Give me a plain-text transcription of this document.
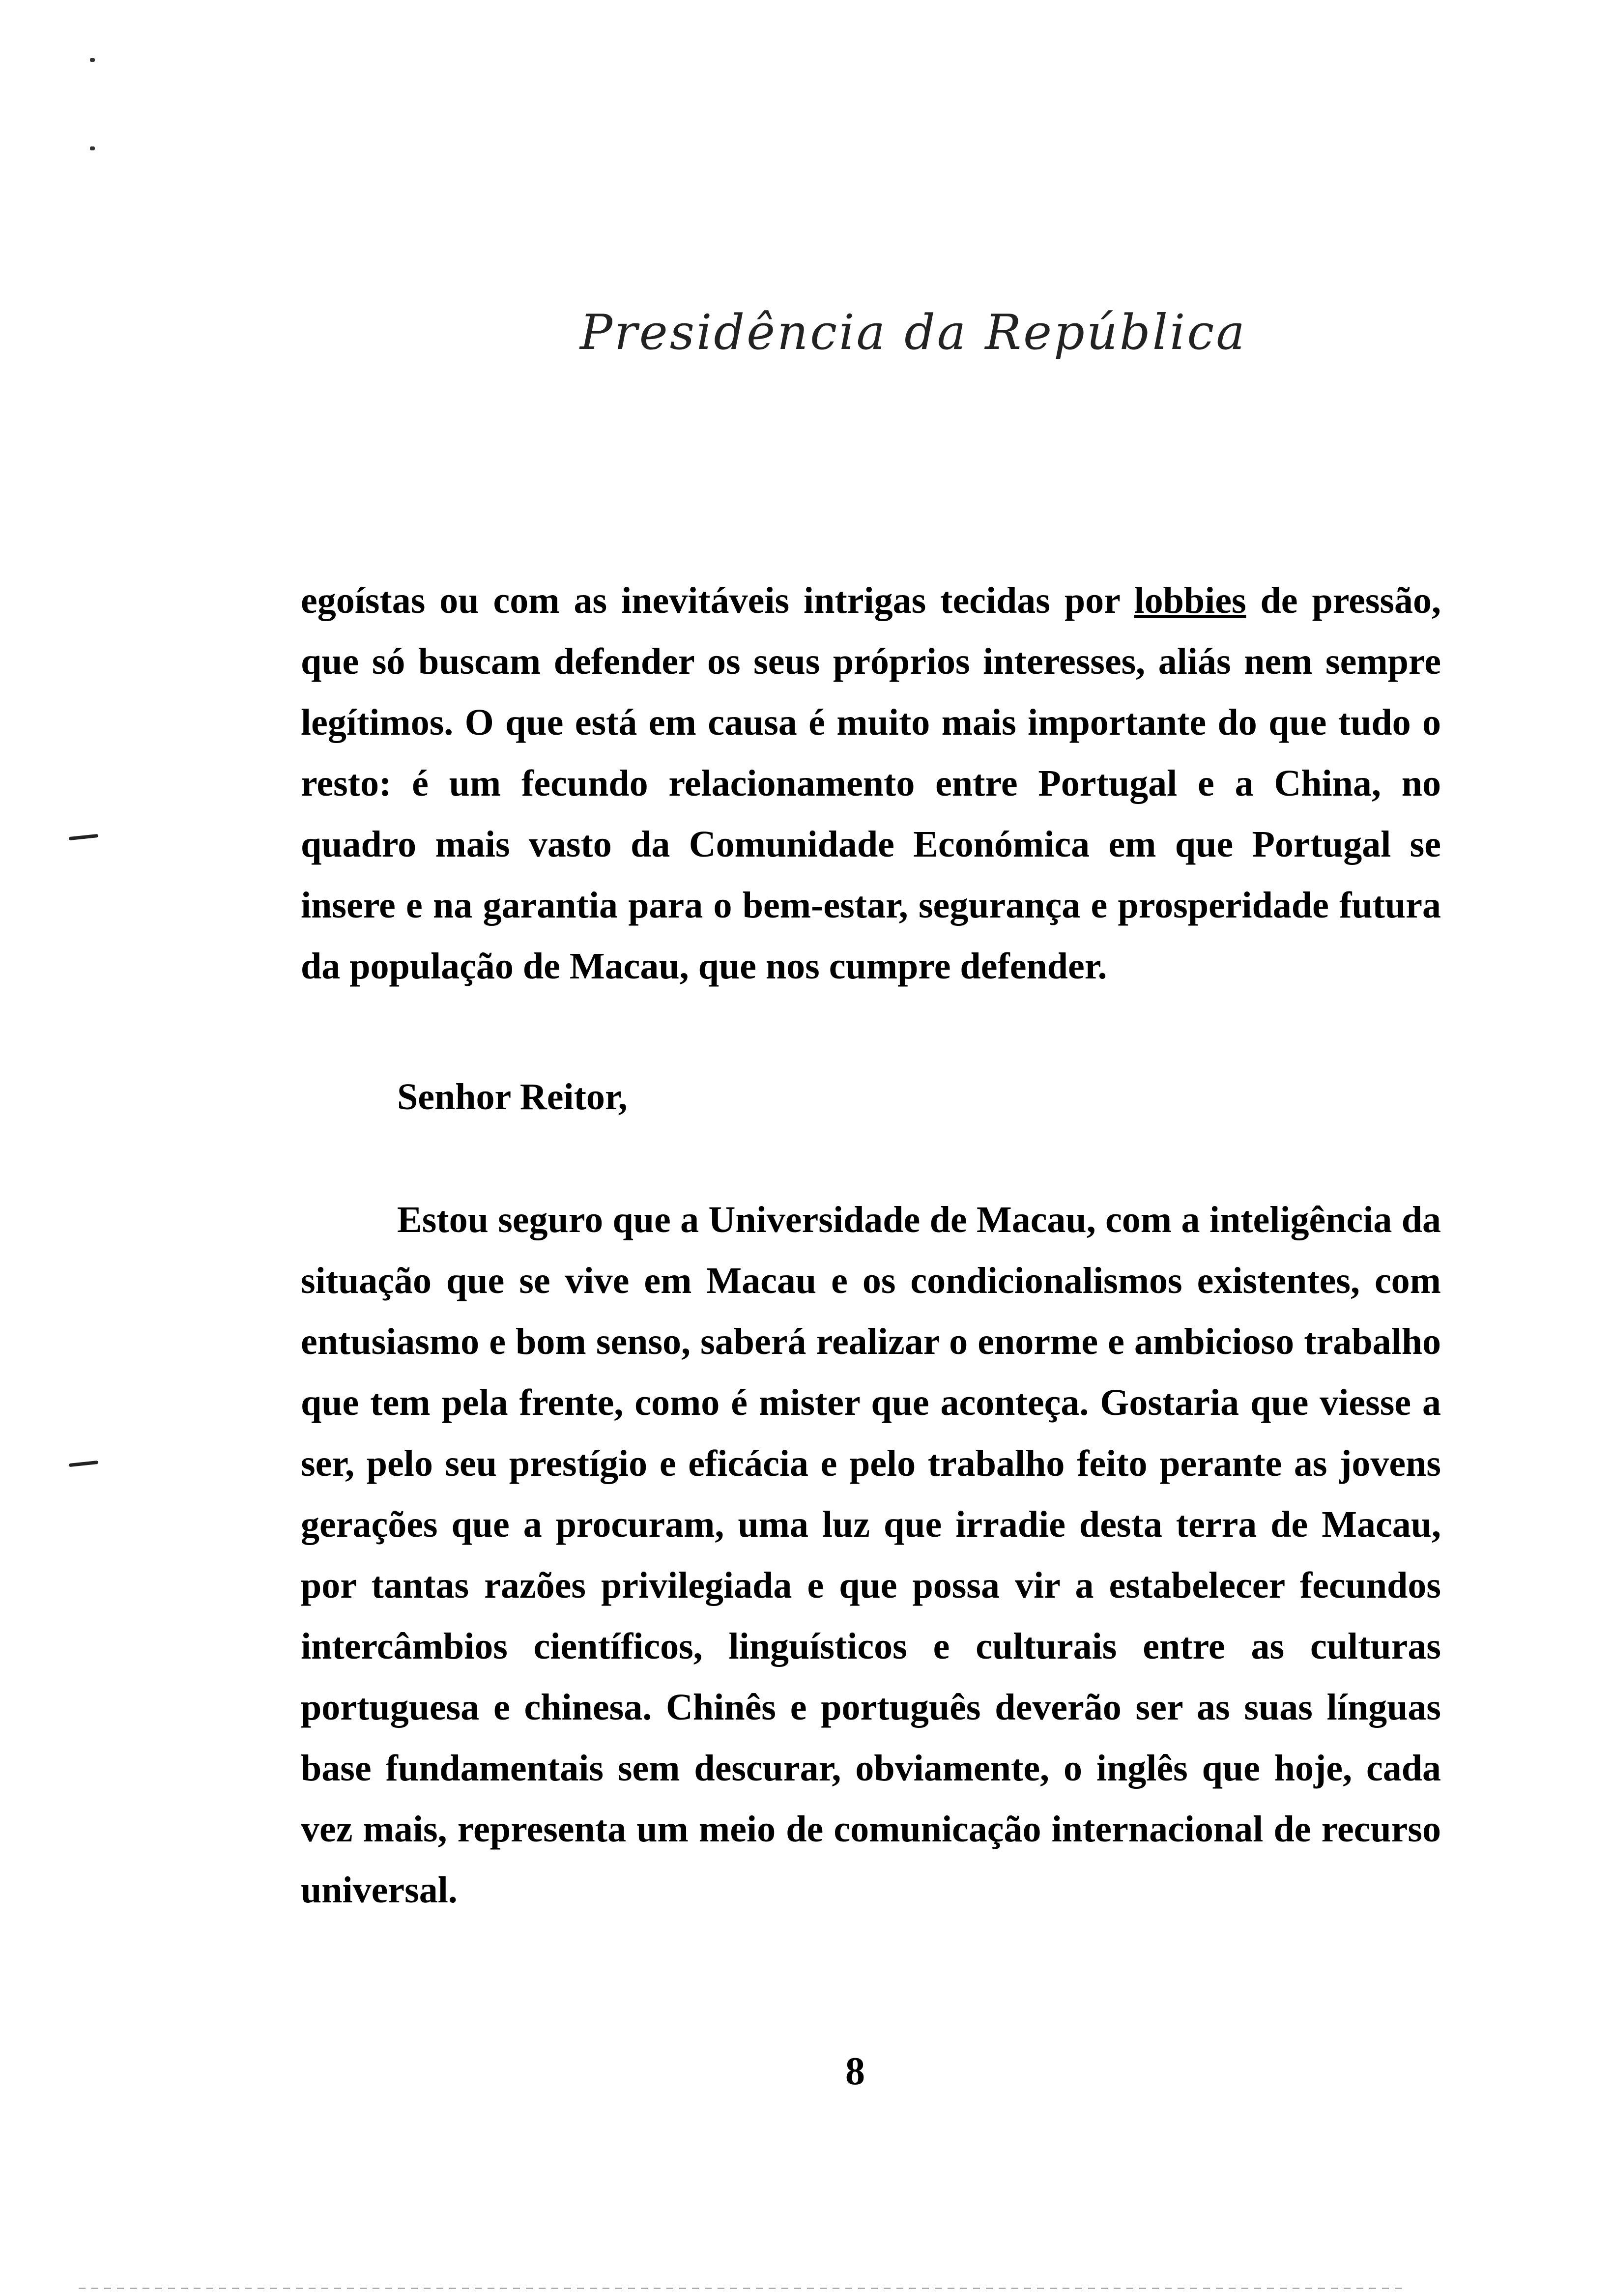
Presidência da República

egoístas ou com as inevitáveis intrigas tecidas por lobbies de pressão, que só buscam defender os seus próprios interesses, aliás nem sempre legítimos. O que está em causa é muito mais importante do que tudo o resto: é um fecundo relacionamento entre Portugal e a China, no quadro mais vasto da Comunidade Económica em que Portugal se insere e na garantia para o bem-estar, segurança e prosperidade futura da população de Macau, que nos cumpre defender.

Senhor Reitor,

Estou seguro que a Universidade de Macau, com a inteligência da situação que se vive em Macau e os condicionalismos existentes, com entusiasmo e bom senso, saberá realizar o enorme e ambicioso trabalho que tem pela frente, como é mister que aconteça. Gostaria que viesse a ser, pelo seu prestígio e eficácia e pelo trabalho feito perante as jovens gerações que a procuram, uma luz que irradie desta terra de Macau, por tantas razões privilegiada e que possa vir a estabelecer fecundos intercâmbios científicos, linguísticos e culturais entre as culturas portuguesa e chinesa. Chinês e português deverão ser as suas línguas base fundamentais sem descurar, obviamente, o inglês que hoje, cada vez mais, representa um meio de comunicação internacional de recurso universal.

8
